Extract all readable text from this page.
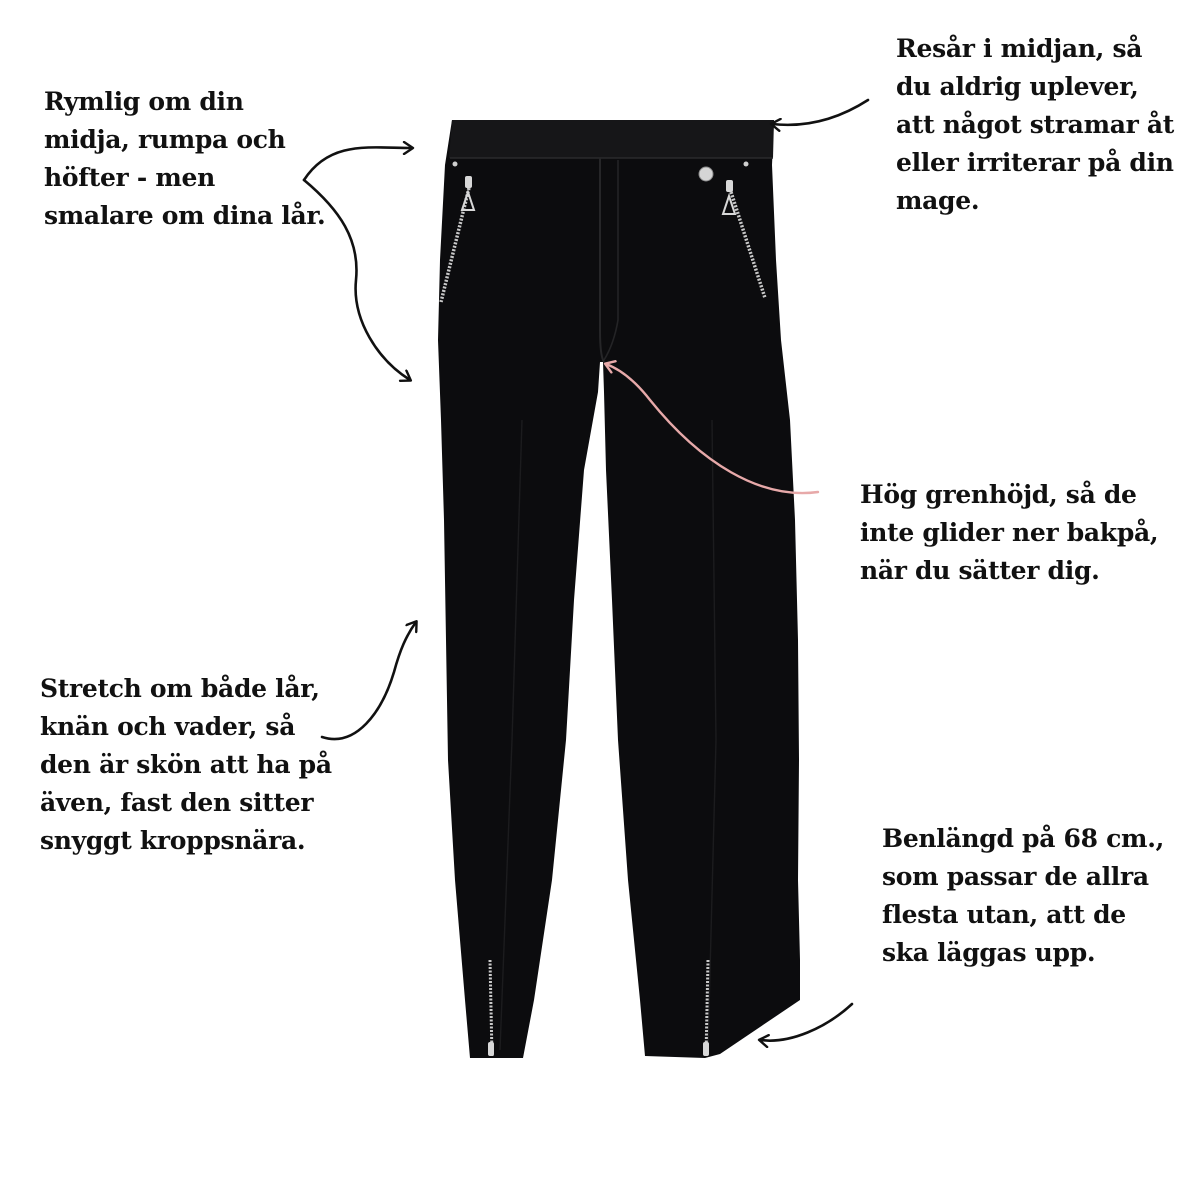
Rymlig om din
midja, rumpa och
höfter - men
smalare om dina lår.
Resår i midjan, så
du aldrig uplever,
att något stramar åt
eller irriterar på din
mage.
Hög grenhöjd, så de
inte glider ner bakpå,
när du sätter dig.
Stretch om både lår,
knän och vader, så
den är skön att ha på
även, fast den sitter
snyggt kroppsnära.	Benlängd på 68 cm.,
som passar de allra
flesta utan, att de
ska läggas upp.
